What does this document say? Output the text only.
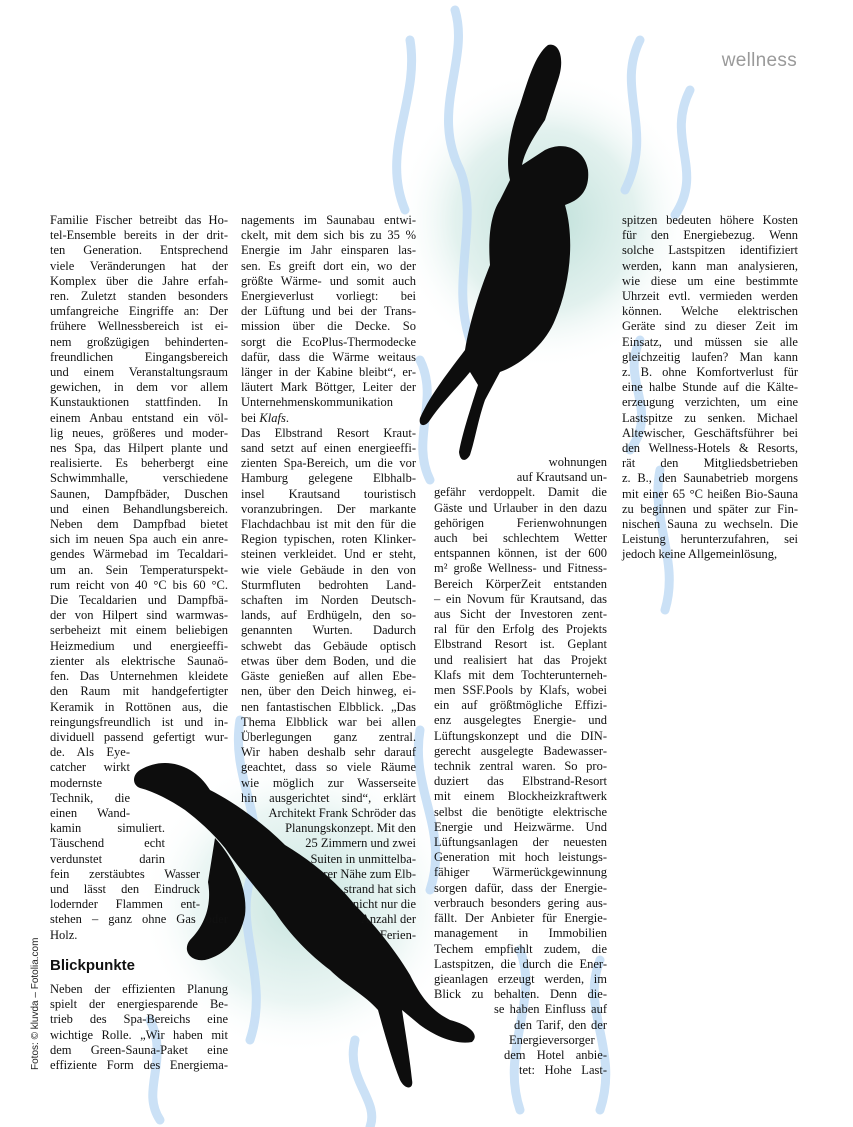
wellness
Fotos: © kluvda – Fotolia.com
Familie Fischer betreibt das Ho-
tel-Ensemble bereits in der drit-
ten Generation. Entsprechend
viele Veränderungen hat der
Komplex über die Jahre erfah-
ren. Zuletzt standen besonders
umfangreiche Eingriffe an: Der
frühere Wellnessbereich ist ei-
nem großzügigen behinderten-
freundlichen Eingangsbereich
und einem Veranstaltungsraum
gewichen, in dem vor allem
Kunstauktionen stattfinden. In
einem Anbau entstand ein völ-
lig neues, größeres und moder-
nes Spa, das Hilpert plante und
realisierte. Es beherbergt eine
Schwimmhalle, verschiedene
Saunen, Dampfbäder, Duschen
und einen Behandlungsbereich.
Neben dem Dampfbad bietet
sich im neuen Spa auch ein anre-
gendes Wärmebad im Tecaldari-
um an. Sein Temperaturspekt-
rum reicht von 40 °C bis 60 °C.
Die Tecaldarien und Dampfbä-
der von Hilpert sind warmwas-
serbeheizt mit einem beliebigen
Heizmedium und energieeffi-
zienter als elektrische Saunaö-
fen. Das Unternehmen kleidete
den Raum mit handgefertigter
Keramik in Rottönen aus, die
reingungsfreundlich ist und in-
dividuell passend gefertigt wur-
de. Als Eye-
catcher wirkt
modernste
Technik, die
einen Wand-
kamin simuliert.
Täuschend echt
verdunstet darin
fein zerstäubtes Wasser
und lässt den Eindruck
lodernder Flammen ent-
stehen – ganz ohne Gas oder
Holz.
Blickpunkte
Neben der effizienten Planung
spielt der energiesparende Be-
trieb des Spa-Bereichs eine
wichtige Rolle. „Wir haben mit
dem Green-Sauna-Paket eine
effiziente Form des Energiema-
nagements im Saunabau entwi-
ckelt, mit dem sich bis zu 35 %
Energie im Jahr einsparen las-
sen. Es greift dort ein, wo der
größte Wärme- und somit auch
Energieverlust vorliegt: bei
der Lüftung und bei der Trans-
mission über die Decke. So
sorgt die EcoPlus-Thermodecke
dafür, dass die Wärme weitaus
länger in der Kabine bleibt“, er-
läutert Mark Böttger, Leiter der
Unternehmenskommunikation
bei Klafs.
Das Elbstrand Resort Kraut-
sand setzt auf einen energieeffi-
zienten Spa-Bereich, um die vor
Hamburg gelegene Elbhalb-
insel Krautsand touristisch
voranzubringen. Der markante
Flachdachbau ist mit den für die
Region typischen, roten Klinker-
steinen verkleidet. Und er steht,
wie viele Gebäude in den von
Sturmfluten bedrohten Land-
schaften im Norden Deutsch-
lands, auf Erdhügeln, den so-
genannten Wurten. Dadurch
schwebt das Gebäude optisch
etwas über dem Boden, und die
Gäste genießen auf allen Ebe-
nen, über den Deich hinweg, ei-
nen fantastischen Elbblick. „Das
Thema Elbblick war bei allen
Überlegungen ganz zentral.
Wir haben deshalb sehr darauf
geachtet, dass so viele Räume
wie möglich zur Wasserseite
hin ausgerichtet sind“, erklärt
Architekt Frank Schröder das
Planungskonzept. Mit den
25 Zimmern und zwei
Suiten in unmittelba-
rer Nähe zum Elb-
strand hat sich
nicht nur die
Anzahl der
Ferien-
wohnungen
auf Krautsand un-
gefähr verdoppelt. Damit die
Gäste und Urlauber in den dazu
gehörigen Ferienwohnungen
auch bei schlechtem Wetter
entspannen können, ist der 600
m² große Wellness- und Fitness-
Bereich KörperZeit entstanden
– ein Novum für Krautsand, das
aus Sicht der Investoren zent-
ral für den Erfolg des Projekts
Elbstrand Resort ist. Geplant
und realisiert hat das Projekt
Klafs mit dem Tochterunterneh-
men SSF.Pools by Klafs, wobei
ein auf größtmögliche Effizi-
enz ausgelegtes Energie- und
Lüftungskonzept und die DIN-
gerecht ausgelegte Badewasser-
technik zentral waren. So pro-
duziert das Elbstrand-Resort
mit einem Blockheizkraftwerk
selbst die benötigte elektrische
Energie und Heizwärme. Und
Lüftungsanlagen der neuesten
Generation mit hoch leistungs-
fähiger Wärmerückgewinnung
sorgen dafür, dass der Energie-
verbrauch besonders gering aus-
fällt. Der Anbieter für Energie-
management in Immobilien
Techem empfiehlt zudem, die
Lastspitzen, die durch die Ener-
gieanlagen erzeugt werden, im
Blick zu behalten. Denn die-
se haben Einfluss auf
den Tarif, den der
Energieversorger
dem Hotel anbie-
tet: Hohe Last-
spitzen bedeuten höhere Kosten
für den Energiebezug. Wenn
solche Lastspitzen identifiziert
werden, kann man analysieren,
wie diese um eine bestimmte
Uhrzeit evtl. vermieden werden
können. Welche elektrischen
Geräte sind zu dieser Zeit im
Einsatz, und müssen sie alle
gleichzeitig laufen? Man kann
z. B. ohne Komfortverlust für
eine halbe Stunde auf die Kälte-
erzeugung verzichten, um eine
Lastspitze zu senken. Michael
Altewischer, Geschäftsführer bei
den Wellness-Hotels & Resorts,
rät den Mitgliedsbetrieben
z. B., den Saunabetrieb morgens
mit einer 65 °C heißen Bio-Sauna
zu beginnen und später zur Fin-
nischen Sauna zu wechseln. Die
Leistung herunterzufahren, sei
jedoch keine Allgemeinlösung,
